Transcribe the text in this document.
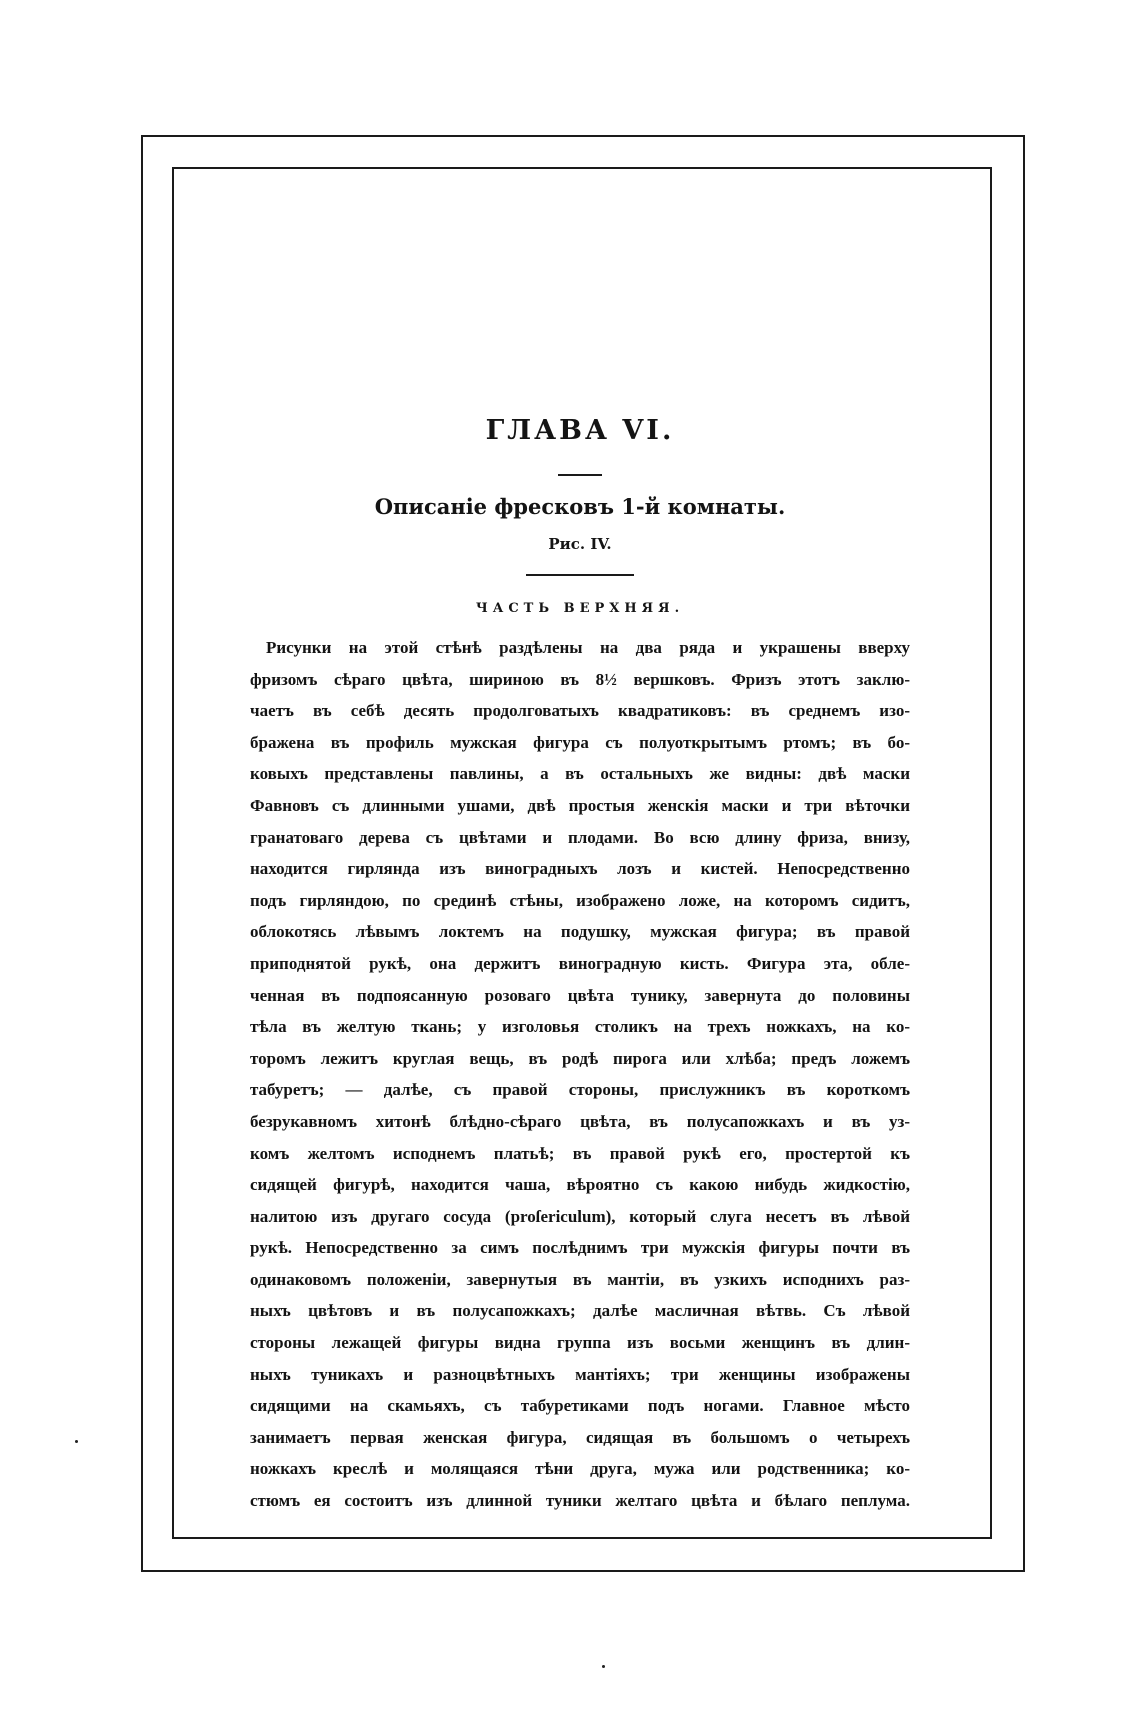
ГЛАВА VI.
Описаніе фресковъ 1-й комнаты.
Рис. IV.
ЧАСТЬ ВЕРХНЯЯ.
Рисунки на этой стѣнѣ раздѣлены на два ряда и украшены вверху
фризомъ сѣраго цвѣта, шириною въ 8½ вершковъ. Фризъ этотъ заклю-
чаетъ въ себѣ десять продолговатыхъ квадратиковъ: въ среднемъ изо-
бражена въ профиль мужская фигура съ полуоткрытымъ ртомъ; въ бо-
ковыхъ представлены павлины, а въ остальныхъ же видны: двѣ маски
Фавновъ съ длинными ушами, двѣ простыя женскія маски и три вѣточки
гранатоваго дерева съ цвѣтами и плодами. Во всю длину фриза, внизу,
находится гирлянда изъ виноградныхъ лозъ и кистей. Непосредственно
подъ гирляндою, по срединѣ стѣны, изображено ложе, на которомъ сидитъ,
облокотясь лѣвымъ локтемъ на подушку, мужская фигура; въ правой
приподнятой рукѣ, она держитъ виноградную кисть. Фигура эта, обле-
ченная въ подпоясанную розоваго цвѣта тунику, завернута до половины
тѣла въ желтую ткань; у изголовья столикъ на трехъ ножкахъ, на ко-
торомъ лежитъ круглая вещь, въ родѣ пирога или хлѣба; предъ ложемъ
табуретъ; — далѣе, съ правой стороны, прислужникъ въ короткомъ
безрукавномъ хитонѣ блѣдно-сѣраго цвѣта, въ полусапожкахъ и въ уз-
комъ желтомъ исподнемъ платьѣ; въ правой рукѣ его, простертой къ
сидящей фигурѣ, находится чаша, вѣроятно съ какою нибудь жидкостію,
налитою изъ другаго сосуда (proſericulum), который слуга несетъ въ лѣвой
рукѣ. Непосредственно за симъ послѣднимъ три мужскія фигуры почти въ
одинаковомъ положеніи, завернутыя въ мантіи, въ узкихъ исподнихъ раз-
ныхъ цвѣтовъ и въ полусапожкахъ; далѣе масличная вѣтвь. Съ лѣвой
стороны лежащей фигуры видна группа изъ восьми женщинъ въ длин-
ныхъ туникахъ и разноцвѣтныхъ мантіяхъ; три женщины изображены
сидящими на скамьяхъ, съ табуретиками подъ ногами. Главное мѣсто
занимаетъ первая женская фигура, сидящая въ большомъ о четырехъ
ножкахъ креслѣ и молящаяся тѣни друга, мужа или родственника; ко-
стюмъ ея состоитъ изъ длинной туники желтаго цвѣта и бѣлаго пеплума.
